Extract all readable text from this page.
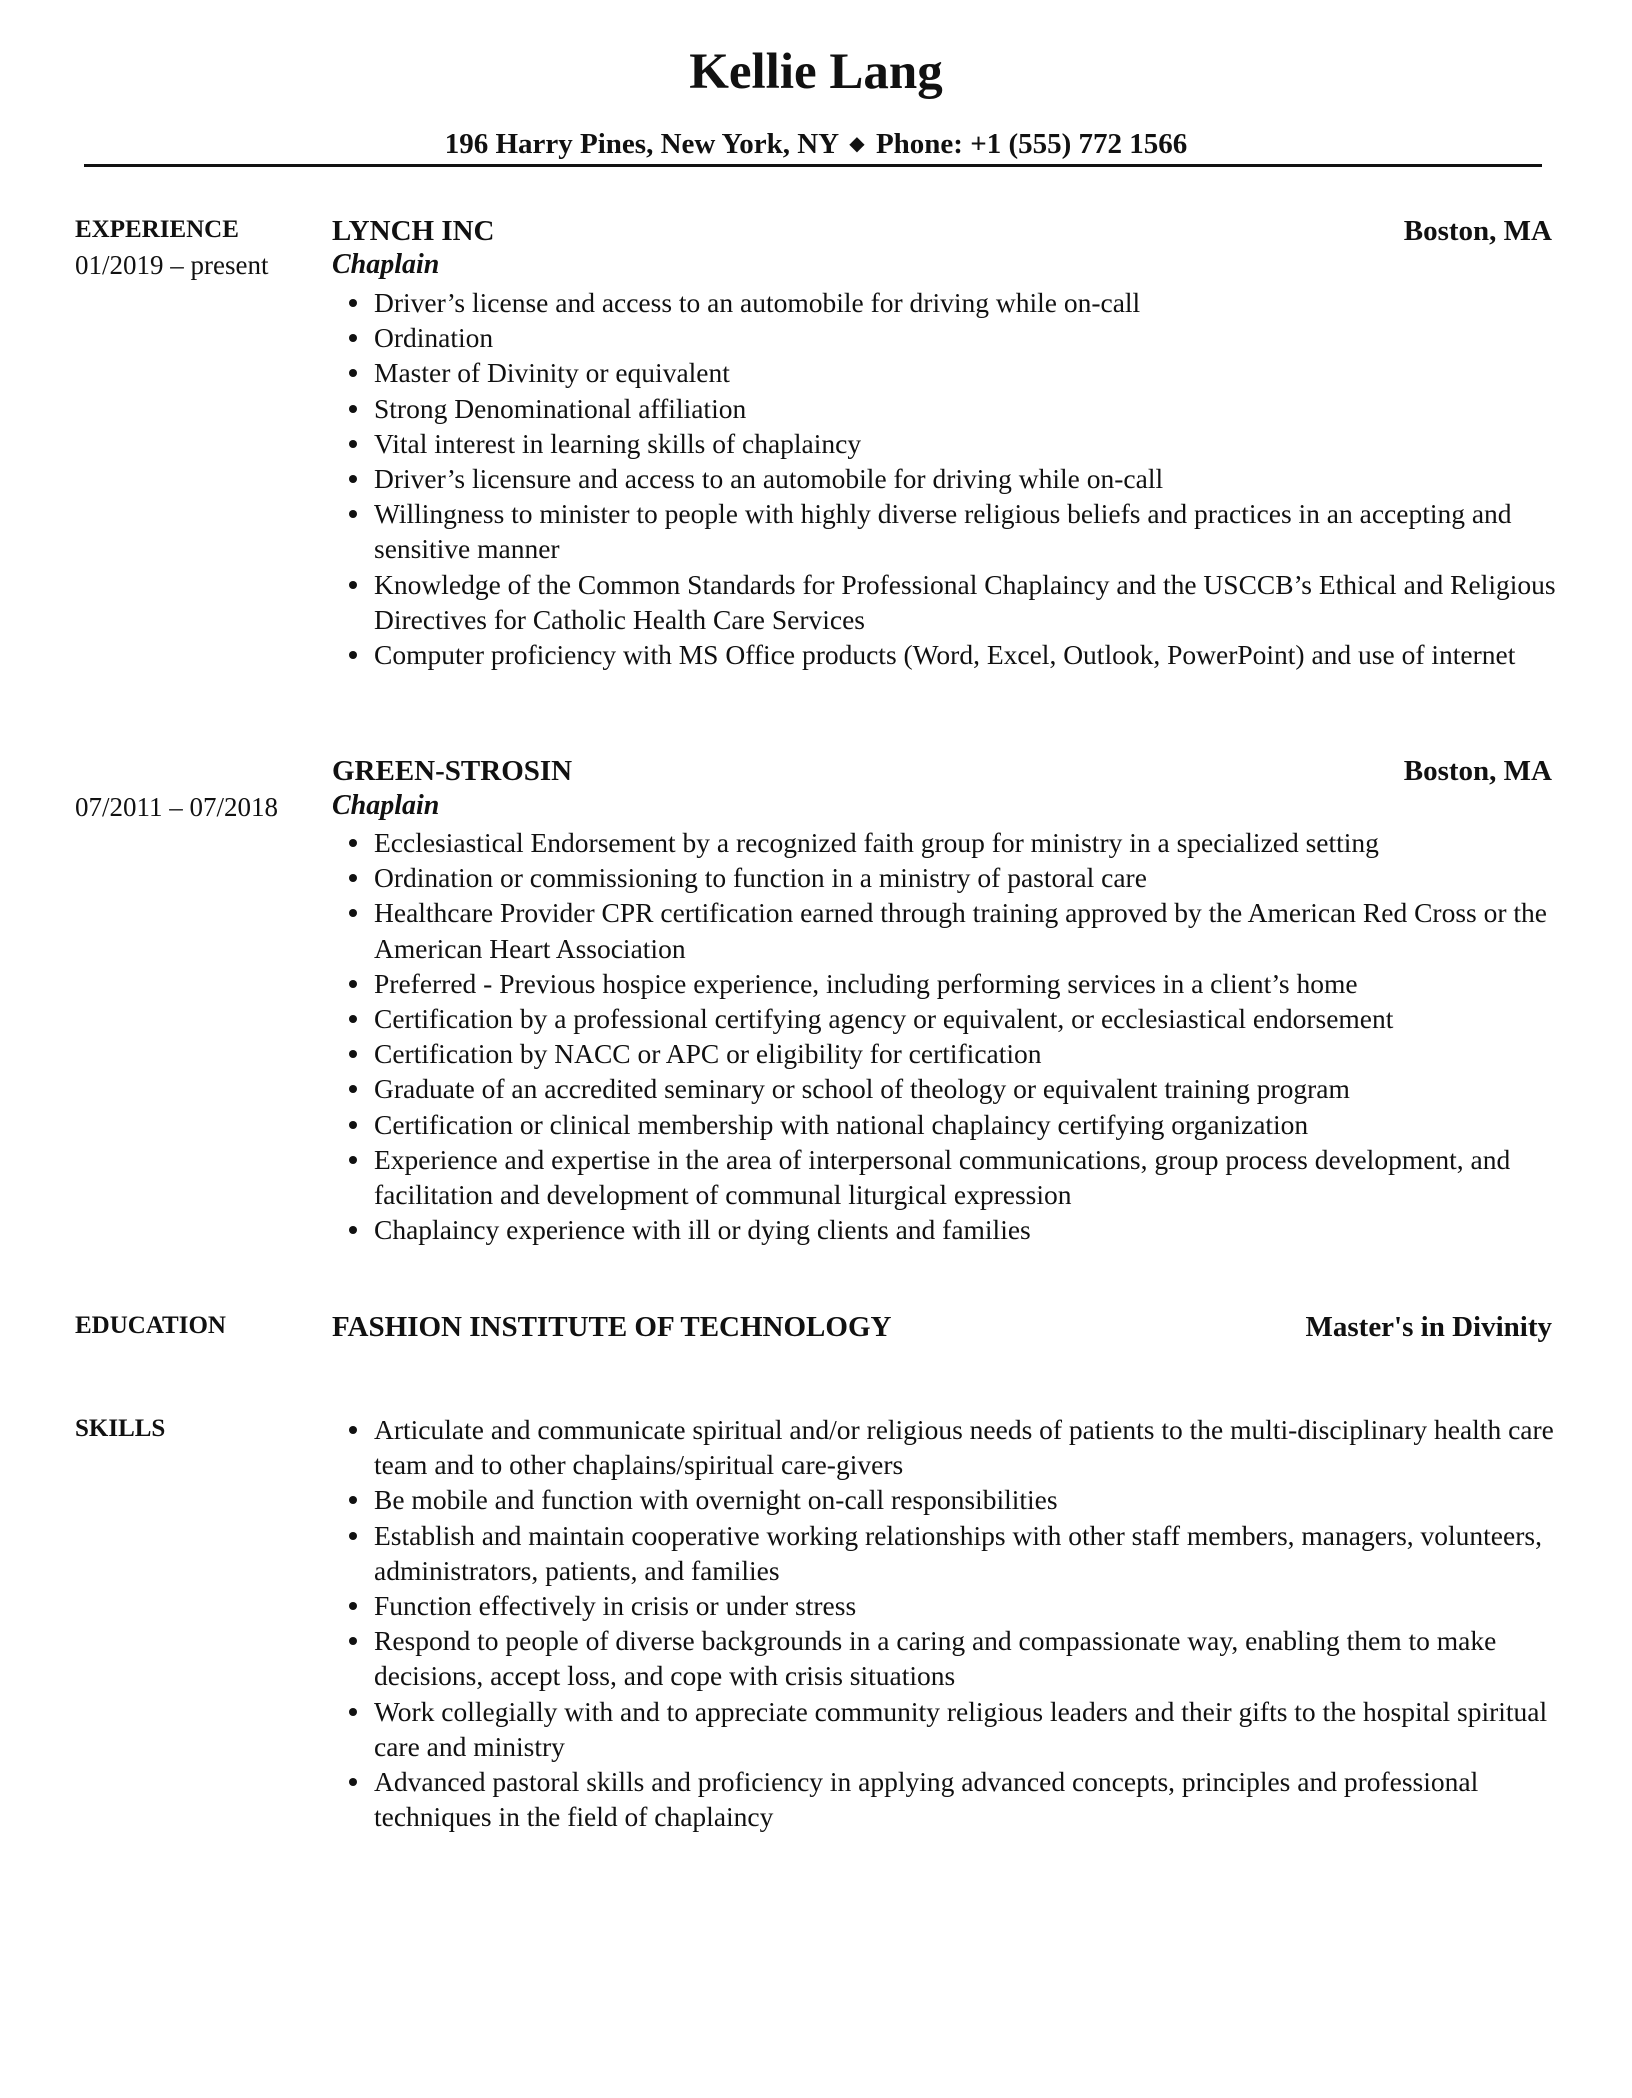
Kellie Lang
196 Harry Pines, New York, NY ◆ Phone: +1 (555) 772 1566
EXPERIENCE
01/2019 – present
LYNCH INC	Boston, MA
Chaplain
Driver’s license and access to an automobile for driving while on-call
Ordination
Master of Divinity or equivalent
Strong Denominational affiliation
Vital interest in learning skills of chaplaincy
Driver’s licensure and access to an automobile for driving while on-call
Willingness to minister to people with highly diverse religious beliefs and practices in an accepting and sensitive manner
Knowledge of the Common Standards for Professional Chaplaincy and the USCCB’s Ethical and Religious Directives for Catholic Health Care Services
Computer proficiency with MS Office products (Word, Excel, Outlook, PowerPoint) and use of internet
07/2011 – 07/2018
GREEN-STROSIN	Boston, MA
Chaplain
Ecclesiastical Endorsement by a recognized faith group for ministry in a specialized setting
Ordination or commissioning to function in a ministry of pastoral care
Healthcare Provider CPR certification earned through training approved by the American Red Cross or the American Heart Association
Preferred - Previous hospice experience, including performing services in a client’s home
Certification by a professional certifying agency or equivalent, or ecclesiastical endorsement
Certification by NACC or APC or eligibility for certification
Graduate of an accredited seminary or school of theology or equivalent training program
Certification or clinical membership with national chaplaincy certifying organization
Experience and expertise in the area of interpersonal communications, group process development, and facilitation and development of communal liturgical expression
Chaplaincy experience with ill or dying clients and families
EDUCATION	FASHION INSTITUTE OF TECHNOLOGY	Master's in Divinity
SKILLS	Articulate and communicate spiritual and/or religious needs of patients to the multi-disciplinary health care team and to other chaplains/spiritual care-givers
Be mobile and function with overnight on-call responsibilities
Establish and maintain cooperative working relationships with other staff members, managers, volunteers, administrators, patients, and families
Function effectively in crisis or under stress
Respond to people of diverse backgrounds in a caring and compassionate way, enabling them to make decisions, accept loss, and cope with crisis situations
Work collegially with and to appreciate community religious leaders and their gifts to the hospital spiritual care and ministry
Advanced pastoral skills and proficiency in applying advanced concepts, principles and professional techniques in the field of chaplaincy
